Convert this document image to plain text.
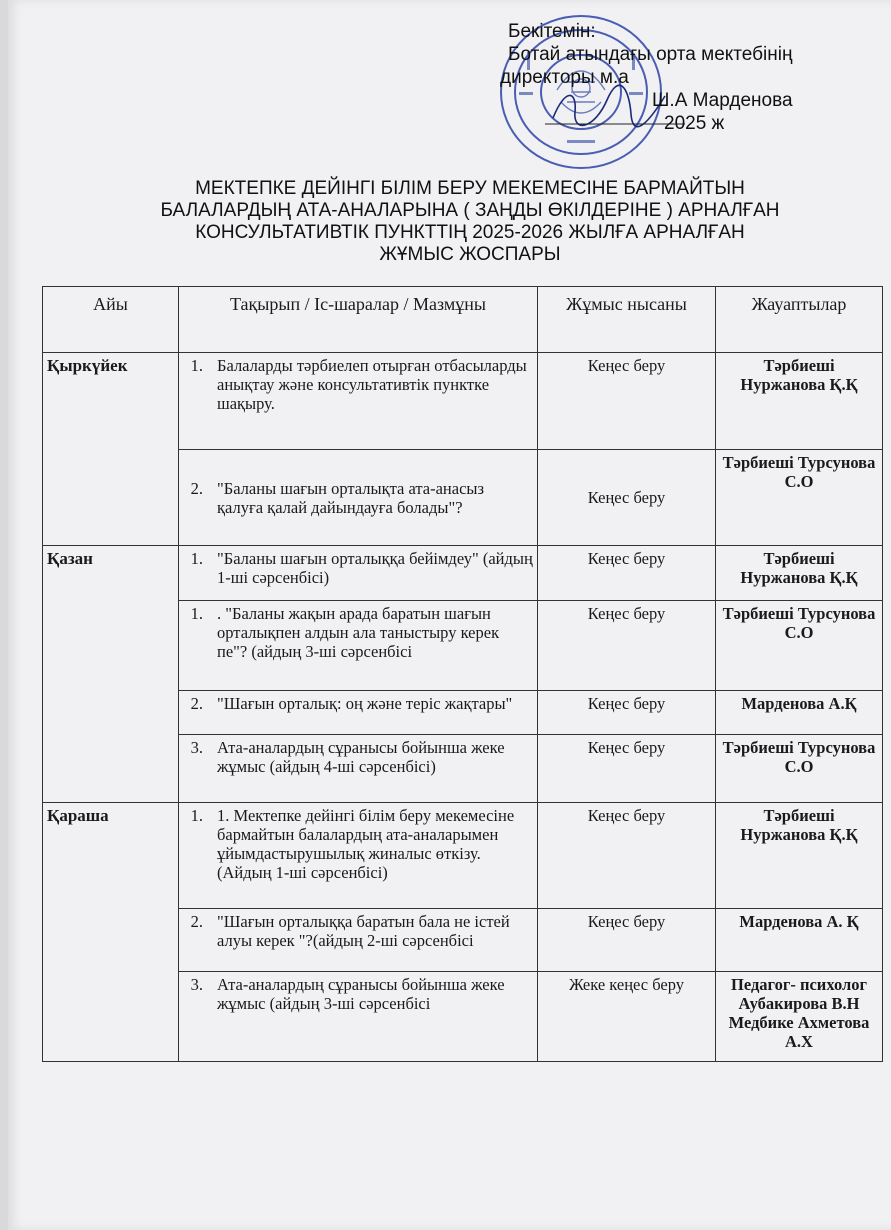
Бекітемін:
Ботай атындағы орта мектебінің
директоры м.а
Ш.А Марденова
2025 ж
МЕКТЕПКЕ ДЕЙІНГІ БІЛІМ БЕРУ МЕКЕМЕСІНЕ БАРМАЙТЫН
БАЛАЛАРДЫҢ АТА-АНАЛАРЫНА ( ЗАҢДЫ ӨКІЛДЕРІНЕ ) АРНАЛҒАН
КОНСУЛЬТАТИВТІК ПУНКТТІҢ 2025-2026 ЖЫЛҒА АРНАЛҒАН
ЖҰМЫС ЖОСПАРЫ
Айы	Тақырып / Іс-шаралар / Мазмұны	Жұмыс нысаны	Жауаптылар
Қыркүйек	1. Балаларды тәрбиелеп отырған отбасыларды анықтау және консультативтік пунктке шақыру.	Кеңес беру	Тәрбиеші Нуржанова Қ.Қ

	2. "Баланы шағын орталықта ата-анасыз қалуға қалай дайындауға болады"?	Кеңес беру	Тәрбиеші Турсунова С.О
Қазан	1. "Баланы шағын орталыққа бейімдеу" (айдың 1-ші сәрсенбісі)	Кеңес беру	Тәрбиеші Нуржанова Қ.Қ

	1. . "Баланы жақын арада баратын шағын орталықпен алдын ала таныстыру керек пе"? (айдың 3-ші сәрсенбісі	Кеңес беру	Тәрбиеші Турсунова С.О

	2. "Шағын орталық: оң және теріс жақтары"	Кеңес беру	Марденова А.Қ

	3. Ата-аналардың сұранысы бойынша жеке жұмыс (айдың 4-ші сәрсенбісі)	Кеңес беру	Тәрбиеші Турсунова С.О
Қараша	1. 1. Мектепке дейінгі білім беру мекемесіне бармайтын балалардың ата-аналарымен ұйымдастырушылық жиналыс өткізу. (Айдың 1-ші сәрсенбісі)	Кеңес беру	Тәрбиеші Нуржанова Қ.Қ

	2. "Шағын орталыққа баратын бала не істей алуы керек "?(айдың 2-ші сәрсенбісі	Кеңес беру	Марденова А. Қ

	3. Ата-аналардың сұранысы бойынша жеке жұмыс (айдың 3-ші сәрсенбісі	Жеке кеңес беру	Педагог- психолог Аубакирова В.Н Медбике Ахметова А.Х
